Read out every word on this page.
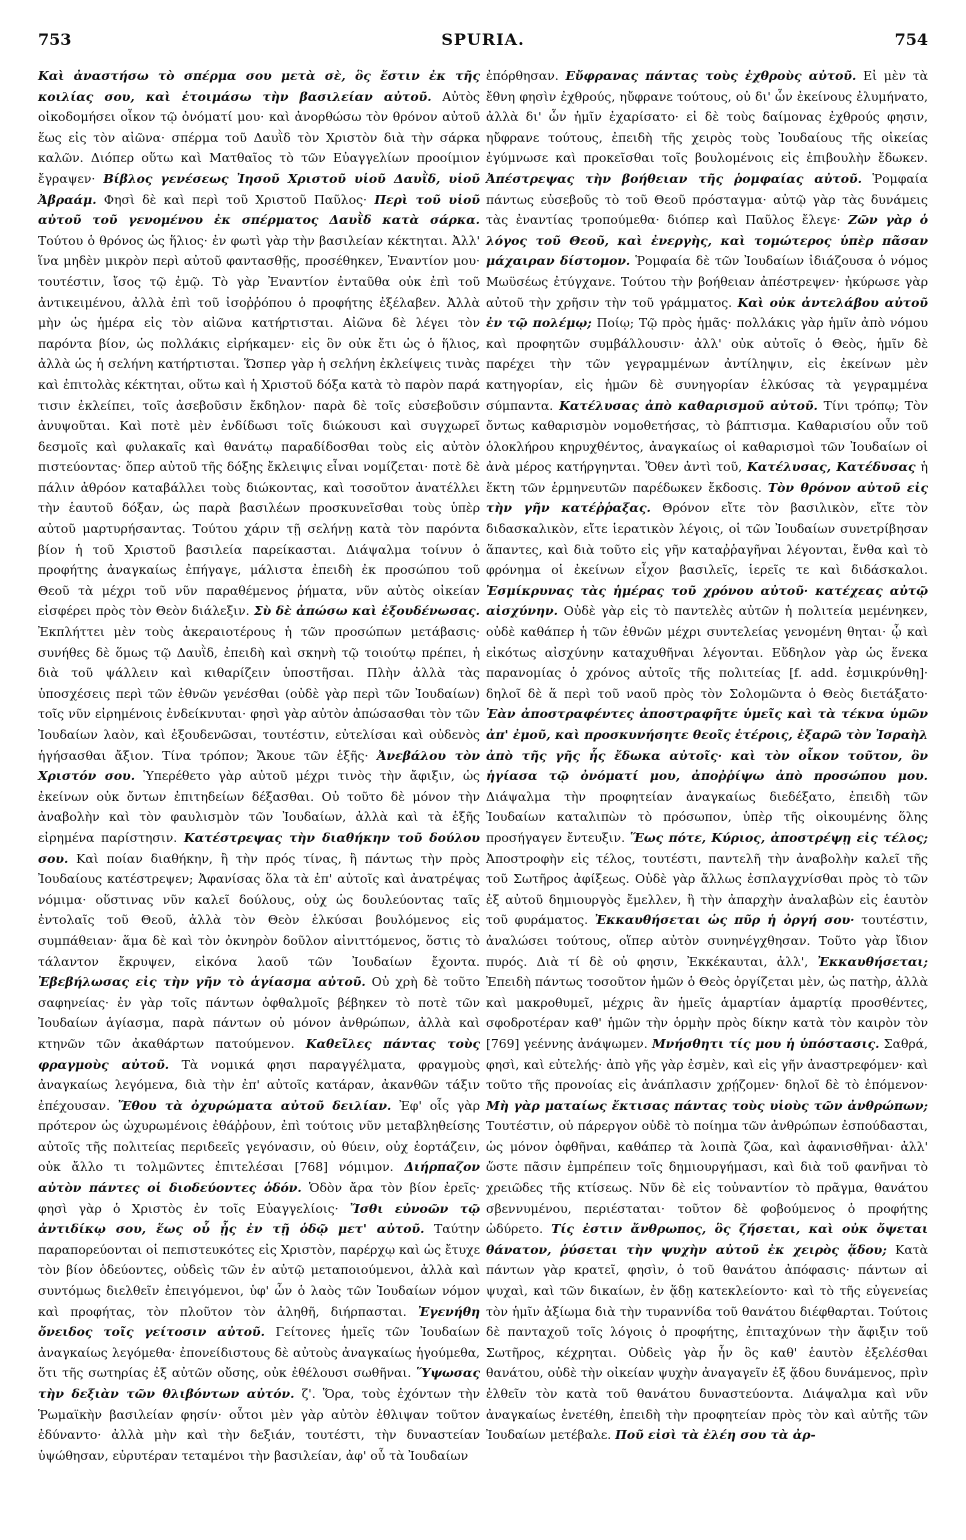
753	SPURIA.	754

Καὶ ἀναστήσω τὸ σπέρμα σου μετὰ σὲ, ὃς ἔστιν ἐκ τῆς κοιλίας σου, καὶ ἑτοιμάσω τὴν βασιλείαν αὐτοῦ. Αὐτὸς οἰκοδομήσει οἶκον τῷ ὀνόματί μου· καὶ ἀνορθώσω τὸν θρόνον αὐτοῦ ἕως εἰς τὸν αἰῶνα· σπέρμα τοῦ Δαυῒδ τὸν Χριστὸν διὰ τὴν σάρκα καλῶν. Διόπερ οὕτω καὶ Ματθαῖος τὸ τῶν Εὐαγγελίων προοίμιον ἔγραψεν· Βίβλος γενέσεως Ἰησοῦ Χριστοῦ υἱοῦ Δαυῒδ, υἱοῦ Ἀβραάμ. Φησὶ δὲ καὶ περὶ τοῦ Χριστοῦ Παῦλος· Περὶ τοῦ υἱοῦ αὐτοῦ τοῦ γενομένου ἐκ σπέρματος Δαυῒδ κατὰ σάρκα. Τούτου ὁ θρόνος ὡς ἥλιος· ἐν φωτὶ γὰρ τὴν βασιλείαν κέκτηται. Ἀλλ' ἵνα μηδὲν μικρὸν περὶ αὐτοῦ φαντασθῇς, προσέθηκεν, Ἐναντίον μου· τουτέστιν, ἴσος τῷ ἐμῷ. Τὸ γὰρ Ἐναντίον ἐνταῦθα οὐκ ἐπὶ τοῦ ἀντικειμένου, ἀλλὰ ἐπὶ τοῦ ἰσοῤῥόπου ὁ προφήτης ἐξέλαβεν. Ἀλλὰ μὴν ὡς ἡμέρα εἰς τὸν αἰῶνα κατήρτισται. Αἰῶνα δὲ λέγει τὸν παρόντα βίον, ὡς πολλάκις εἰρήκαμεν· εἰς ὃν οὐκ ἔτι ὡς ὁ ἥλιος, ἀλλὰ ὡς ἡ σελήνη κατήρτισται. Ὥσπερ γὰρ ἡ σελήνη ἐκλείψεις τινὰς καὶ ἐπιτολὰς κέκτηται, οὕτω καὶ ἡ Χριστοῦ δόξα κατὰ τὸ παρὸν παρά τισιν ἐκλείπει, τοῖς ἀσεβοῦσιν ἔκδηλον· παρὰ δὲ τοῖς εὐσεβοῦσιν ἀνυψοῦται. Καὶ ποτὲ μὲν ἐνδίδωσι τοῖς διώκουσι καὶ συγχωρεῖ δεσμοῖς καὶ φυλακαῖς καὶ θανάτῳ παραδίδοσθαι τοὺς εἰς αὐτὸν πιστεύοντας· ὅπερ αὐτοῦ τῆς δόξης ἔκλειψις εἶναι νομίζεται· ποτὲ δὲ πάλιν ἀθρόον καταβάλλει τοὺς διώκοντας, καὶ τοσοῦτον ἀνατέλλει τὴν ἑαυτοῦ δόξαν, ὡς παρὰ βασιλέων προσκυνεῖσθαι τοὺς ὑπὲρ αὐτοῦ μαρτυρήσαντας. Τούτου χάριν τῇ σελήνῃ κατὰ τὸν παρόντα βίον ἡ τοῦ Χριστοῦ βασιλεία παρείκασται. Διάψαλμα τοίνυν ὁ προφήτης ἀναγκαίως ἐπήγαγε, μάλιστα ἐπειδὴ ἐκ προσώπου τοῦ Θεοῦ τὰ μέχρι τοῦ νῦν παραθέμενος ῥήματα, νῦν αὐτὸς οἰκείαν εἰσφέρει πρὸς τὸν Θεὸν διάλεξιν. Σὺ δὲ ἀπώσω καὶ ἐξουδένωσας. Ἐκπλήττει μὲν τοὺς ἀκεραιοτέρους ἡ τῶν προσώπων μετάβασις· συνήθες δὲ ὅμως τῷ Δαυῒδ, ἐπειδὴ καὶ σκηνὴ τῷ τοιούτῳ πρέπει, ἡ διὰ τοῦ ψάλλειν καὶ κιθαρίζειν ὑποστῆσαι. Πλὴν ἀλλὰ τὰς ὑποσχέσεις περὶ τῶν ἐθνῶν γενέσθαι (οὐδὲ γὰρ περὶ τῶν Ἰουδαίων) τοῖς νῦν εἰρημένοις ἐνδείκνυται· φησὶ γὰρ αὐτὸν ἀπώσασθαι τὸν τῶν Ἰουδαίων λαὸν, καὶ ἐξουδενῶσαι, τουτέστιν, εὐτελίσαι καὶ οὐδενὸς ἡγήσασθαι ἄξιον. Τίνα τρόπον; Ἄκουε τῶν ἑξῆς· Ἀνεβάλου τὸν Χριστόν σου. Ὑπερέθετο γὰρ αὐτοῦ μέχρι τινὸς τὴν ἄφιξιν, ὡς ἐκείνων οὐκ ὄντων ἐπιτηδείων δέξασθαι. Οὐ τοῦτο δὲ μόνον τὴν ἀναβολὴν καὶ τὸν φαυλισμὸν τῶν Ἰουδαίων, ἀλλὰ καὶ τὰ ἑξῆς εἰρημένα παρίστησιν. Κατέστρεψας τὴν διαθήκην τοῦ δούλου σου. Καὶ ποίαν διαθήκην, ἢ τὴν πρός τίνας, ἢ πάντως τὴν πρὸς Ἰουδαίους κατέστρεψεν; Ἀφανίσας ὅλα τὰ ἐπ' αὐτοῖς καὶ ἀνατρέψας νόμιμα· οὕστινας νῦν καλεῖ δούλους, οὐχ ὡς δουλεύοντας ταῖς ἐντολαῖς τοῦ Θεοῦ, ἀλλὰ τὸν Θεὸν ἑλκύσαι βουλόμενος εἰς συμπάθειαν· ἅμα δὲ καὶ τὸν ὀκνηρὸν δοῦλον αἰνιττόμενος, ὅστις τὸ τάλαντον ἔκρυψεν, εἰκόνα λαοῦ τῶν Ἰουδαίων ἔχοντα. Ἐβεβήλωσας εἰς τὴν γῆν τὸ ἁγίασμα αὐτοῦ. Οὐ χρὴ δὲ τοῦτο σαφηνείας· ἐν γὰρ τοῖς πάντων ὀφθαλμοῖς βέβηκεν τὸ ποτὲ τῶν Ἰουδαίων ἁγίασμα, παρὰ πάντων οὐ μόνον ἀνθρώπων, ἀλλὰ καὶ κτηνῶν τῶν ἀκαθάρτων πατούμενον. Καθεῖλες πάντας τοὺς φραγμοὺς αὐτοῦ. Τὰ νομικά φησι παραγγέλματα, φραγμοὺς ἀναγκαίως λεγόμενα, διὰ τὴν ἐπ' αὐτοῖς κατάραν, ἀκανθῶν τάξιν ἐπέχουσαν. Ἔθου τὰ ὀχυρώματα αὐτοῦ δειλίαν. Ἐφ' οἷς γὰρ πρότερον ὡς ὠχυρωμένοις ἐθάῤῥουν, ἐπὶ τούτοις νῦν μεταβληθείσης αὐτοῖς τῆς πολιτείας περιδεεῖς γεγόνασιν, οὐ θύειν, οὐχ ἑορτάζειν, οὐκ ἄλλο τι τολμῶντες ἐπιτελέσαι [768] νόμιμον. Διήρπαζον αὐτὸν πάντες οἱ διοδεύοντες ὁδόν. Ὁδὸν ἄρα τὸν βίον ἐρεῖς· φησὶ γὰρ ὁ Χριστὸς ἐν τοῖς Εὐαγγελίοις· Ἴσθι εὐνοῶν τῷ ἀντιδίκῳ σου, ἕως οὗ ᾖς ἐν τῇ ὁδῷ μετ' αὐτοῦ. Ταύτην παραπορεύονται οἱ πεπιστευκότες εἰς Χριστὸν, παρέρχῳ καὶ ὡς ἔτυχε τὸν βίον ὁδεύοντες, οὐδεὶς τῶν ἐν αὐτῷ μεταποιούμενοι, ἀλλὰ καὶ συντόμως διελθεῖν ἐπειγόμενοι, ὑφ' ὧν ὁ λαὸς τῶν Ἰουδαίων νόμον καὶ προφήτας, τὸν πλοῦτον τὸν ἀληθῆ, διήρπασται. Ἐγενήθη ὄνειδος τοῖς γείτοσιν αὐτοῦ. Γείτονες ἡμεῖς τῶν Ἰουδαίων ἀναγκαίως λεγόμεθα· ἐπονείδιστους δὲ αὐτοὺς ἀναγκαίως ἡγούμεθα, ὅτι τῆς σωτηρίας ἐξ αὐτῶν οὔσης, οὐκ ἐθέλουσι σωθῆναι. Ὕψωσας τὴν δεξιὰν τῶν θλιβόντων αὐτόν. ζ'. Ὅρα, τοὺς ἐχόντων τὴν Ῥωμαϊκὴν βασιλείαν φησίν· οὗτοι μὲν γὰρ αὐτὸν ἐθλιψαν τοῦτον ἐδύναντο· ἀλλὰ μὴν καὶ τὴν δεξιάν, τουτέστι, τὴν δυναστείαν ὑψώθησαν, εὐρυτέραν τεταμένοι τὴν βασιλείαν, ἀφ' οὗ τὰ Ἰουδαίων

ἐπόρθησαν. Εὔφρανας πάντας τοὺς ἐχθροὺς αὐτοῦ. Εἰ μὲν τὰ ἔθνη φησὶν ἐχθρούς, ηὔφρανε τούτους, οὐ δι' ὧν ἐκείνους ἐλυμήνατο, ἀλλὰ δι' ὧν ἡμῖν ἐχαρίσατο· εἰ δὲ τοὺς δαίμονας ἐχθρούς φησιν, ηὔφρανε τούτους, ἐπειδὴ τῆς χειρὸς τοὺς Ἰουδαίους τῆς οἰκείας ἐγύμνωσε καὶ προκεῖσθαι τοῖς βουλομένοις εἰς ἐπιβουλὴν ἔδωκεν. Ἀπέστρεψας τὴν βοήθειαν τῆς ῥομφαίας αὐτοῦ. Ῥομφαία πάντως εὐσεβοῦς τὸ τοῦ Θεοῦ πρόσταγμα· αὐτῷ γὰρ τὰς δυνάμεις τὰς ἐναντίας τροπούμεθα· διόπερ καὶ Παῦλος ἔλεγε· Ζῶν γὰρ ὁ λόγος τοῦ Θεοῦ, καὶ ἐνεργὴς, καὶ τομώτερος ὑπὲρ πᾶσαν μάχαιραν δίστομον. Ῥομφαία δὲ τῶν Ἰουδαίων ἰδιάζουσα ὁ νόμος Μωϋσέως ἐτύγχανε. Τούτου τὴν βοήθειαν ἀπέστρεψεν· ἠκύρωσε γὰρ αὐτοῦ τὴν χρῆσιν τὴν τοῦ γράμματος. Καὶ οὐκ ἀντελάβου αὐτοῦ ἐν τῷ πολέμῳ; Ποίῳ; Τῷ πρὸς ἡμᾶς· πολλάκις γὰρ ἡμῖν ἀπὸ νόμου καὶ προφητῶν συμβάλλουσιν· ἀλλ' οὐκ αὐτοῖς ὁ Θεὸς, ἡμῖν δὲ παρέχει τὴν τῶν γεγραμμένων ἀντίληψιν, εἰς ἐκείνων μὲν κατηγορίαν, εἰς ἡμῶν δὲ συνηγορίαν ἑλκύσας τὰ γεγραμμένα σύμπαντα. Κατέλυσας ἀπὸ καθαρισμοῦ αὐτοῦ. Τίνι τρόπῳ; Τὸν ὄντως καθαρισμὸν νομοθετήσας, τὸ βάπτισμα. Καθαρισίου οὖν τοῦ ὁλοκλήρου κηρυχθέντος, ἀναγκαίως οἱ καθαρισμοὶ τῶν Ἰουδαίων οἱ ἀνὰ μέρος κατήργηνται. Ὅθεν ἀντὶ τοῦ, Κατέλυσας, Κατέδυσας ἡ ἕκτη τῶν ἑρμηνευτῶν παρέδωκεν ἔκδοσις. Τὸν θρόνον αὐτοῦ εἰς τὴν γῆν κατέῤῥαξας. Θρόνον εἴτε τὸν βασιλικὸν, εἴτε τὸν διδασκαλικὸν, εἴτε ἱερατικὸν λέγοις, οἱ τῶν Ἰουδαίων συνετρίβησαν ἅπαντες, καὶ διὰ τοῦτο εἰς γῆν καταῤῥαγῆναι λέγονται, ἔνθα καὶ τὸ φρόνημα οἱ ἐκείνων εἶχον βασιλεῖς, ἱερεῖς τε καὶ διδάσκαλοι. Ἐσμίκρυνας τὰς ἡμέρας τοῦ χρόνου αὐτοῦ· κατέχεας αὐτῷ αἰσχύνην. Οὐδὲ γὰρ εἰς τὸ παντελὲς αὐτῶν ἡ πολιτεία μεμένηκεν, οὐδὲ καθάπερ ἡ τῶν ἐθνῶν μέχρι συντελείας γενομένη θηται· ᾧ καὶ εἰκότως αἰσχύνην καταχυθῆναι λέγονται. Εὔδηλον γὰρ ὡς ἕνεκα παρανομίας ὁ χρόνος αὐτοῖς τῆς πολιτείας [f. add. ἐσμικρύνθη]· δηλοῖ δὲ ἅ περὶ τοῦ ναοῦ πρὸς τὸν Σολομῶντα ὁ Θεὸς διετάξατο· Ἐὰν ἀποστραφέντες ἀποστραφῆτε ὑμεῖς καὶ τὰ τέκνα ὑμῶν ἀπ' ἐμοῦ, καὶ προσκυνήσητε θεοῖς ἑτέροις, ἐξαρῶ τὸν Ἰσραὴλ ἀπὸ τῆς γῆς ἧς ἔδωκα αὐτοῖς· καὶ τὸν οἶκον τοῦτον, ὃν ἡγίασα τῷ ὀνόματί μου, ἀποῤῥίψω ἀπὸ προσώπου μου. Διάψαλμα τὴν προφητείαν ἀναγκαίως διεδέξατο, ἐπειδὴ τῶν Ἰουδαίων καταλιπὼν τὸ πρόσωπον, ὑπὲρ τῆς οἰκουμένης ὅλης προσήγαγεν ἔντευξιν. Ἕως πότε, Κύριος, ἀποστρέψῃ εἰς τέλος; Ἀποστροφὴν εἰς τέλος, τουτέστι, παντελῆ τὴν ἀναβολὴν καλεῖ τῆς τοῦ Σωτῆρος ἀφίξεως. Οὐδὲ γὰρ ἄλλως ἐσπλαγχνίσθαι πρὸς τὸ τῶν ἐξ αὐτοῦ δημιουργὸς ἔμελλεν, ἢ τὴν ἀπαρχὴν ἀναλαβὼν εἰς ἑαυτὸν τοῦ φυράματος. Ἐκκαυθήσεται ὡς πῦρ ἡ ὀργή σου· τουτέστιν, ἀναλώσει τούτους, οἵπερ αὐτὸν συνηνέγχθησαν. Τοῦτο γὰρ ἴδιον πυρός. Διὰ τί δὲ οὐ φησιν, Ἐκκέκαυται, ἀλλ', Ἐκκαυθήσεται; Ἐπειδὴ πάντως τοσοῦτον ἡμῶν ὁ Θεὸς ὀργίζεται μὲν, ὡς πατὴρ, ἀλλὰ καὶ μακροθυμεῖ, μέχρις ἂν ἡμεῖς ἁμαρτίαν ἁμαρτίᾳ προσθέντες, σφοδροτέραν καθ' ἡμῶν τὴν ὁρμὴν πρὸς δίκην κατὰ τὸν καιρὸν τὸν [769] γεέννης ἀνάψωμεν. Μνήσθητι τίς μου ἡ ὑπόστασις. Σαθρά, φησὶ, καὶ εὐτελής· ἀπὸ γῆς γὰρ ἐσμὲν, καὶ εἰς γῆν ἀναστρεφόμεν· καὶ τοῦτο τῆς προνοίας εἰς ἀνάπλασιν χρῄζομεν· δηλοῖ δὲ τὸ ἑπόμενον· Μὴ γὰρ ματαίως ἔκτισας πάντας τοὺς υἱοὺς τῶν ἀνθρώπων; Τουτέστιν, οὐ πάρεργον οὐδὲ τὸ ποίημα τῶν ἀνθρώπων ἐσπούδασται, ὡς μόνον ὀφθῆναι, καθάπερ τὰ λοιπὰ ζῶα, καὶ ἀφανισθῆναι· ἀλλ' ὥστε πᾶσιν ἐμπρέπειν τοῖς δημιουργήμασι, καὶ διὰ τοῦ φανῆναι τὸ χρειῶδες τῆς κτίσεως. Νῦν δὲ εἰς τοὐναντίον τὸ πρᾶγμα, θανάτου σβεννυμένου, περιέσταται· τοῦτον δὲ φοβούμενος ὁ προφήτης ὠδύρετο. Τίς ἐστιν ἄνθρωπος, ὃς ζήσεται, καὶ οὐκ ὄψεται θάνατον, ῥύσεται τὴν ψυχὴν αὐτοῦ ἐκ χειρὸς ᾅδου; Κατὰ πάντων γὰρ κρατεῖ, φησὶν, ὁ τοῦ θανάτου ἀπόφασις· πάντων αἱ ψυχαὶ, καὶ τῶν δικαίων, ἐν ᾅδῃ κατεκλείοντο· καὶ τὸ τῆς εὐγενείας τὸν ἡμῖν ἀξίωμα διὰ τὴν τυραννίδα τοῦ θανάτου διέφθαρται. Τούτοις δὲ πανταχοῦ τοῖς λόγοις ὁ προφήτης, ἐπιταχύνων τὴν ἄφιξιν τοῦ Σωτῆρος, κέχρηται. Οὐδεὶς γὰρ ἦν ὃς καθ' ἑαυτὸν ἐξελέσθαι θανάτου, οὐδὲ τὴν οἰκείαν ψυχὴν ἀναγαγεῖν ἐξ ᾅδου δυνάμενος, πρὶν ἐλθεῖν τὸν κατὰ τοῦ θανάτου δυναστεύοντα. Διάψαλμα καὶ νῦν ἀναγκαίως ἐνετέθη, ἐπειδὴ τὴν προφητείαν πρὸς τὸν καὶ αὐτῆς τῶν Ἰουδαίων μετέβαλε. Ποῦ εἰσὶ τὰ ἐλέη σου τὰ ἀρ-
